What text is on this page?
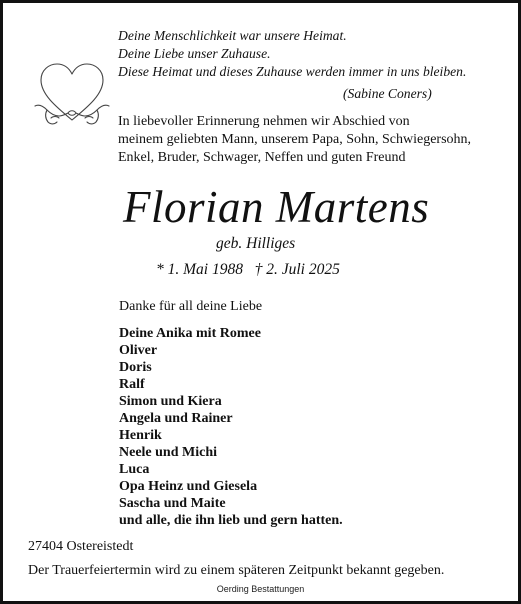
Deine Menschlichkeit war unsere Heimat.
Deine Liebe unser Zuhause.
Diese Heimat und dieses Zuhause werden immer in uns bleiben.
(Sabine Coners)
In liebevoller Erinnerung nehmen wir Abschied von
meinem geliebten Mann, unserem Papa, Sohn, Schwiegersohn,
Enkel, Bruder, Schwager, Neffen und guten Freund
Florian Martens
geb. Hilliges
* 1. Mai 1988   † 2. Juli 2025
Danke für all deine Liebe
Deine Anika mit Romee
Oliver
Doris
Ralf
Simon und Kiera
Angela und Rainer
Henrik
Neele und Michi
Luca
Opa Heinz und Giesela
Sascha und Maite
und alle, die ihn lieb und gern hatten.
27404 Ostereistedt
Der Trauerfeiertermin wird zu einem späteren Zeitpunkt bekannt gegeben.
Oerding Bestattungen
